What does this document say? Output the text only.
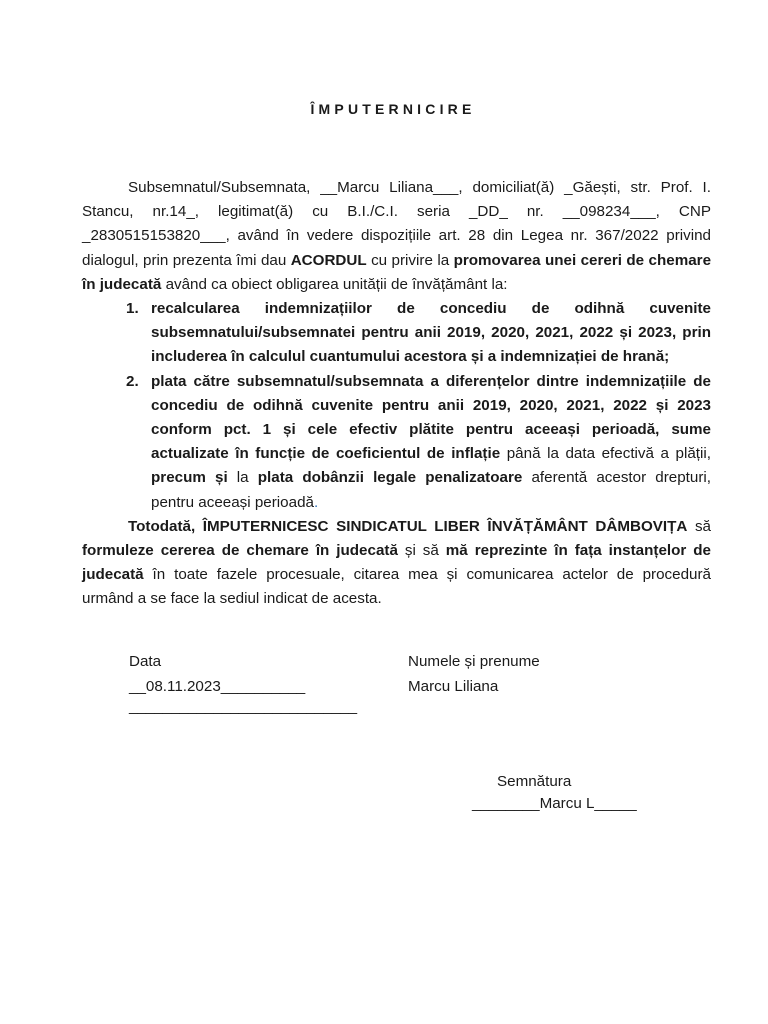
ÎMPUTERNICIRE

Subsemnatul/Subsemnata, __Marcu Liliana___, domiciliat(ă) _Găești, str. Prof. I. Stancu, nr.14_, legitimat(ă) cu B.I./C.I. seria _DD_ nr. __098234___, CNP _2830515153820___, având în vedere dispozițiile art. 28 din Legea nr. 367/2022 privind dialogul, prin prezenta îmi dau ACORDUL cu privire la promovarea unei cereri de chemare în judecată având ca obiect obligarea unității de învățământ la:

1. recalcularea indemnizațiilor de concediu de odihnă cuvenite subsemnatului/subsemnatei pentru anii 2019, 2020, 2021, 2022 și 2023, prin includerea în calculul cuantumului acestora și a indemnizației de hrană;
2. plata către subsemnatul/subsemnata a diferențelor dintre indemnizațiile de concediu de odihnă cuvenite pentru anii 2019, 2020, 2021, 2022 și 2023 conform pct. 1 și cele efectiv plătite pentru aceeași perioadă, sume actualizate în funcție de coeficientul de inflație până la data efectivă a plății, precum și la plata dobânzii legale penalizatoare aferentă acestor drepturi, pentru aceeași perioadă.

Totodată, ÎMPUTERNICESC SINDICATUL LIBER ÎNVĂȚĂMÂNT DÂMBOVIȚA să formuleze cererea de chemare în judecată și să mă reprezinte în fața instanțelor de judecată în toate fazele procesuale, citarea mea și comunicarea actelor de procedură urmând a se face la sediul indicat de acesta.

Data
__08.11.2023__________
___________________________
Numele și prenume
Marcu Liliana
Semnătura
________Marcu L_____
